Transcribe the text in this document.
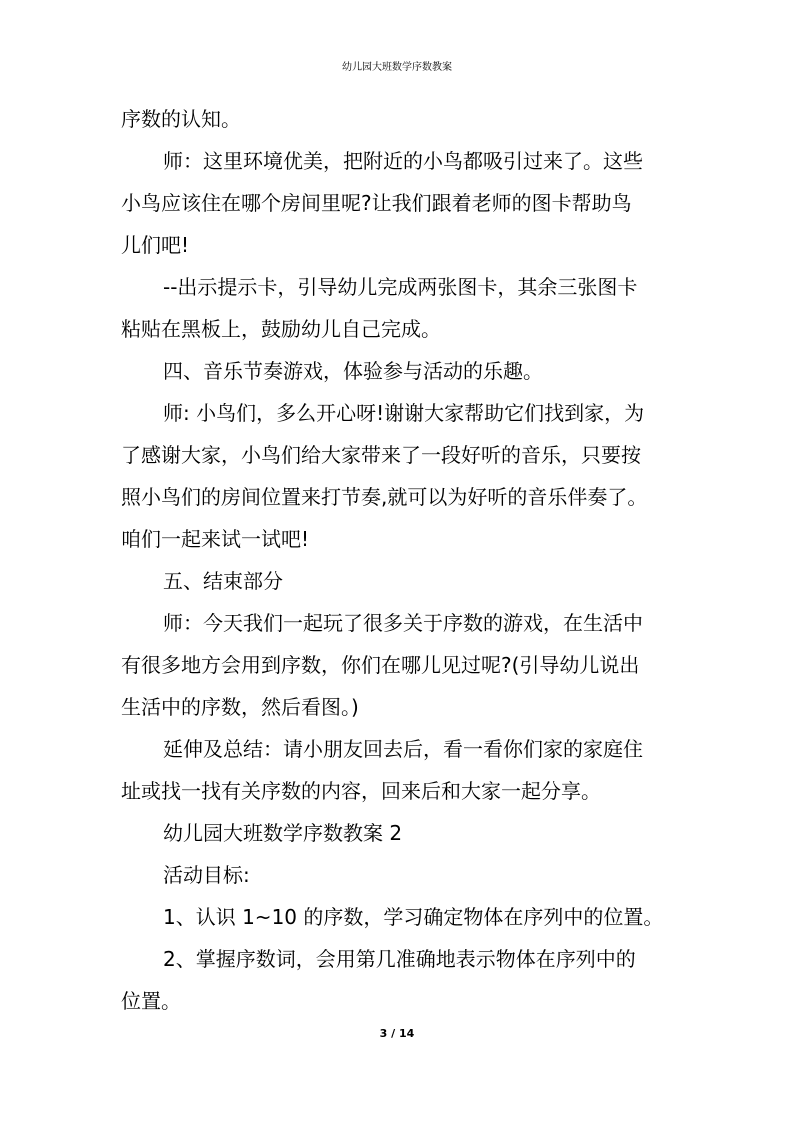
幼儿园大班数学序数教案

序数的认知。

师：这里环境优美，把附近的小鸟都吸引过来了。这些

小鸟应该住在哪个房间里呢?让我们跟着老师的图卡帮助鸟

儿们吧!

--出示提示卡，引导幼儿完成两张图卡，其余三张图卡

粘贴在黑板上，鼓励幼儿自己完成。

四、音乐节奏游戏，体验参与活动的乐趣。

师: 小鸟们，多么开心呀!谢谢大家帮助它们找到家，为

了感谢大家，小鸟们给大家带来了一段好听的音乐，只要按

照小鸟们的房间位置来打节奏,就可以为好听的音乐伴奏了。

咱们一起来试一试吧!

五、结束部分

师：今天我们一起玩了很多关于序数的游戏，在生活中

有很多地方会用到序数，你们在哪儿见过呢?(引导幼儿说出

生活中的序数，然后看图。)

延伸及总结：请小朋友回去后，看一看你们家的家庭住

址或找一找有关序数的内容，回来后和大家一起分享。

幼儿园大班数学序数教案 2

活动目标:

1、认识 1~10 的序数，学习确定物体在序列中的位置。

2、掌握序数词，会用第几准确地表示物体在序列中的

位置。

3 / 14
